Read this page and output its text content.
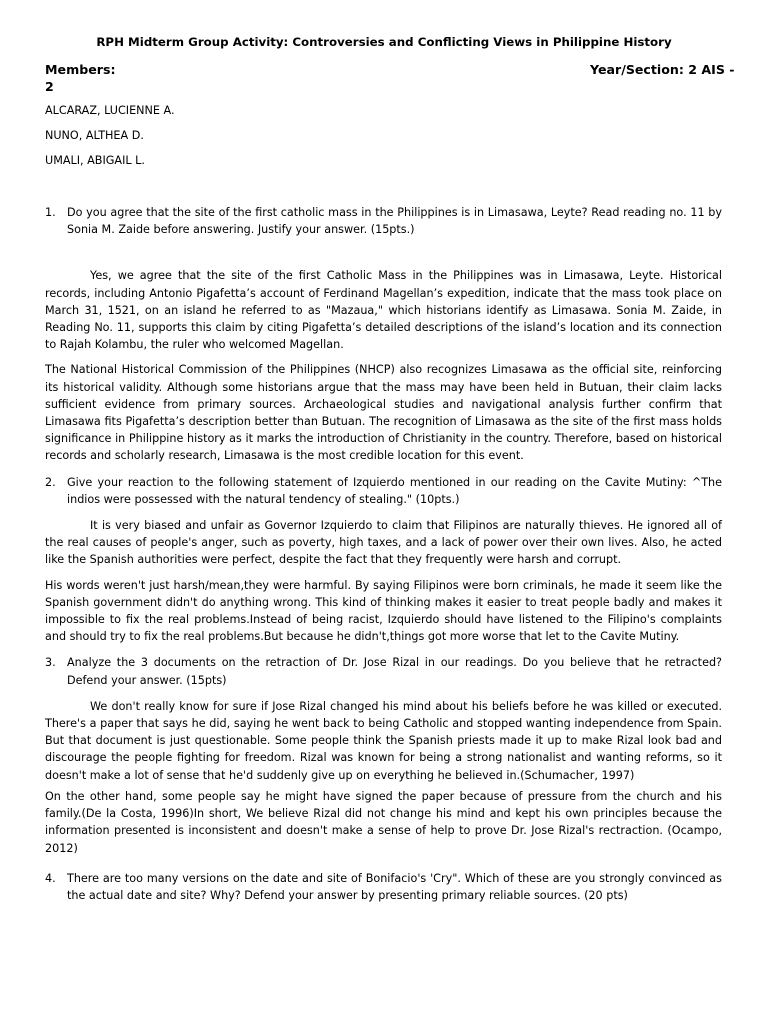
RPH Midterm Group Activity: Controversies and Conflicting Views in Philippine History
Members:	Year/Section: 2 AIS -
2
ALCARAZ, LUCIENNE A.
NUNO, ALTHEA D.
UMALI, ABIGAIL L.
1. Do you agree that the site of the first catholic mass in the Philippines is in Limasawa, Leyte? Read reading no. 11 by Sonia M. Zaide before answering. Justify your answer. (15pts.)

Yes, we agree that the site of the first Catholic Mass in the Philippines was in Limasawa, Leyte. Historical records, including Antonio Pigafetta’s account of Ferdinand Magellan’s expedition, indicate that the mass took place on March 31, 1521, on an island he referred to as "Mazaua," which historians identify as Limasawa. Sonia M. Zaide, in Reading No. 11, supports this claim by citing Pigafetta’s detailed descriptions of the island’s location and its connection to Rajah Kolambu, the ruler who welcomed Magellan.

The National Historical Commission of the Philippines (NHCP) also recognizes Limasawa as the official site, reinforcing its historical validity. Although some historians argue that the mass may have been held in Butuan, their claim lacks sufficient evidence from primary sources. Archaeological studies and navigational analysis further confirm that Limasawa fits Pigafetta’s description better than Butuan. The recognition of Limasawa as the site of the first mass holds significance in Philippine history as it marks the introduction of Christianity in the country. Therefore, based on historical records and scholarly research, Limasawa is the most credible location for this event.

2. Give your reaction to the following statement of Izquierdo mentioned in our reading on the Cavite Mutiny: ^The indios were possessed with the natural tendency of stealing." (10pts.)

It is very biased and unfair as Governor Izquierdo to claim that Filipinos are naturally thieves. He ignored all of the real causes of people's anger, such as poverty, high taxes, and a lack of power over their own lives. Also, he acted like the Spanish authorities were perfect, despite the fact that they frequently were harsh and corrupt.

His words weren't just harsh/mean,they were harmful. By saying Filipinos were born criminals, he made it seem like the Spanish government didn't do anything wrong. This kind of thinking makes it easier to treat people badly and makes it impossible to fix the real problems.Instead of being racist, Izquierdo should have listened to the Filipino's complaints and should try to fix the real problems.But because he didn't,things got more worse that let to the Cavite Mutiny.

3. Analyze the 3 documents on the retraction of Dr. Jose Rizal in our readings. Do you believe that he retracted? Defend your answer. (15pts)

We don't really know for sure if Jose Rizal changed his mind about his beliefs before he was killed or executed. There's a paper that says he did, saying he went back to being Catholic and stopped wanting independence from Spain. But that document is just questionable. Some people think the Spanish priests made it up to make Rizal look bad and discourage the people fighting for freedom. Rizal was known for being a strong nationalist and wanting reforms, so it doesn't make a lot of sense that he'd suddenly give up on everything he believed in.(Schumacher, 1997)

On the other hand, some people say he might have signed the paper because of pressure from the church and his family.(De la Costa, 1996)In short, We believe Rizal did not change his mind and kept his own principles because the information presented is inconsistent and doesn't make a sense of help to prove Dr. Jose Rizal's rectraction. (Ocampo, 2012)

4. There are too many versions on the date and site of Bonifacio's 'Cry". Which of these are you strongly convinced as the actual date and site? Why? Defend your answer by presenting primary reliable sources. (20 pts)
